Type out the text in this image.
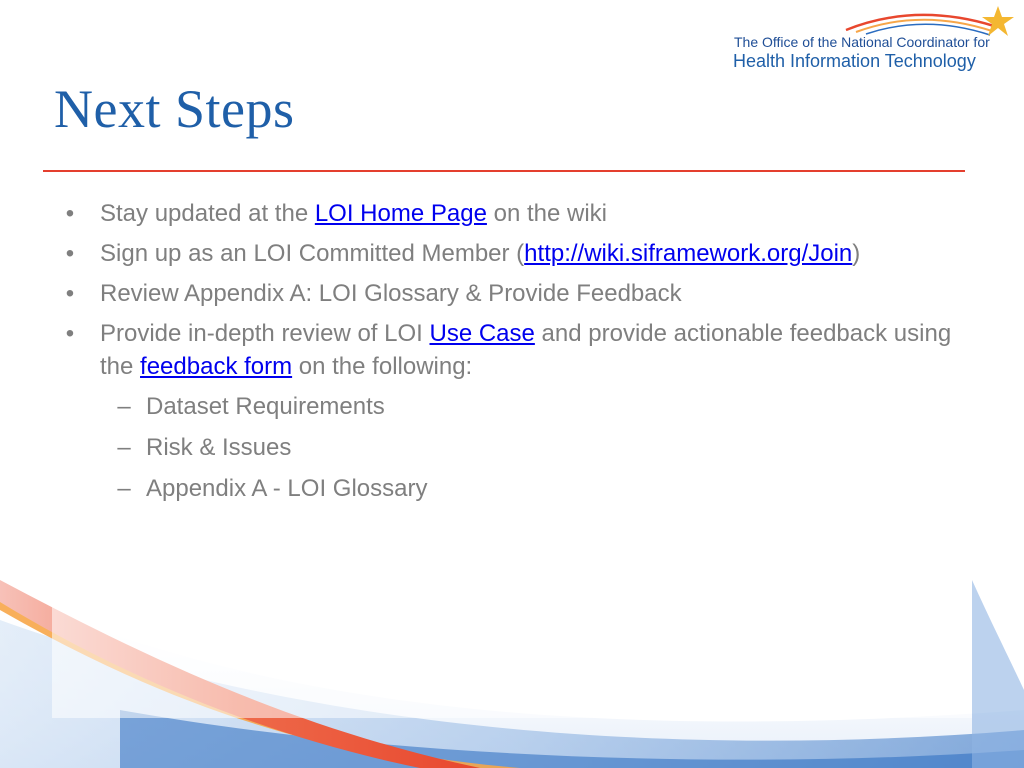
The Office of the National Coordinator for
Health Information Technology
Next Steps
• Stay updated at the LOI Home Page on the wiki
• Sign up as an LOI Committed Member (http://wiki.siframework.org/Join)
• Review Appendix A: LOI Glossary & Provide Feedback
• Provide in-depth review of LOI Use Case and provide actionable feedback using the feedback form on the following:
– Dataset Requirements
– Risk & Issues
– Appendix A - LOI Glossary
